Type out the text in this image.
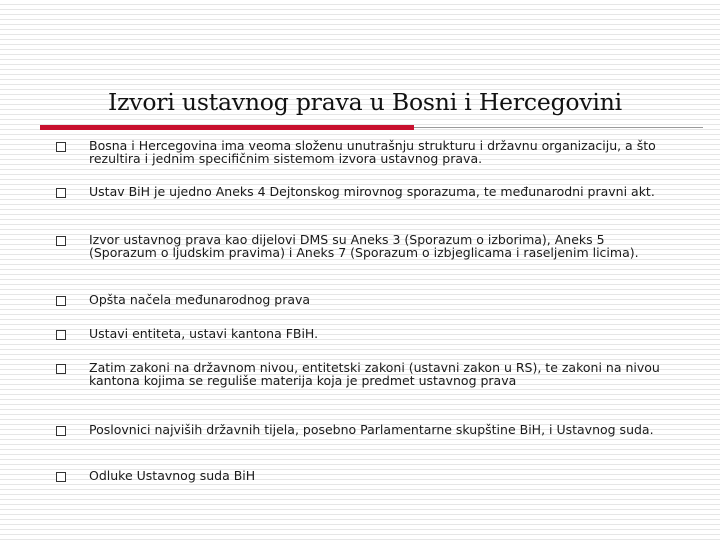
Izvori ustavnog prava u Bosni i Hercegovini
Bosna i Hercegovina ima veoma složenu unutrašnju strukturu i državnu organizaciju, a što rezultira i jednim specifičnim sistemom izvora ustavnog prava.
Ustav BiH je ujedno Aneks 4 Dejtonskog mirovnog sporazuma, te međunarodni pravni akt.
Izvor ustavnog prava kao dijelovi DMS su Aneks 3 (Sporazum o izborima), Aneks 5 (Sporazum o ljudskim pravima) i Aneks 7 (Sporazum o izbjeglicama i raseljenim licima).
Opšta načela međunarodnog prava
Ustavi entiteta, ustavi kantona FBiH.
Zatim zakoni na državnom nivou, entitetski zakoni (ustavni zakon u RS), te zakoni na nivou kantona kojima se reguliše materija koja je predmet ustavnog prava
Poslovnici najviših državnih tijela, posebno Parlamentarne skupštine BiH, i Ustavnog suda.
Odluke Ustavnog suda BiH
